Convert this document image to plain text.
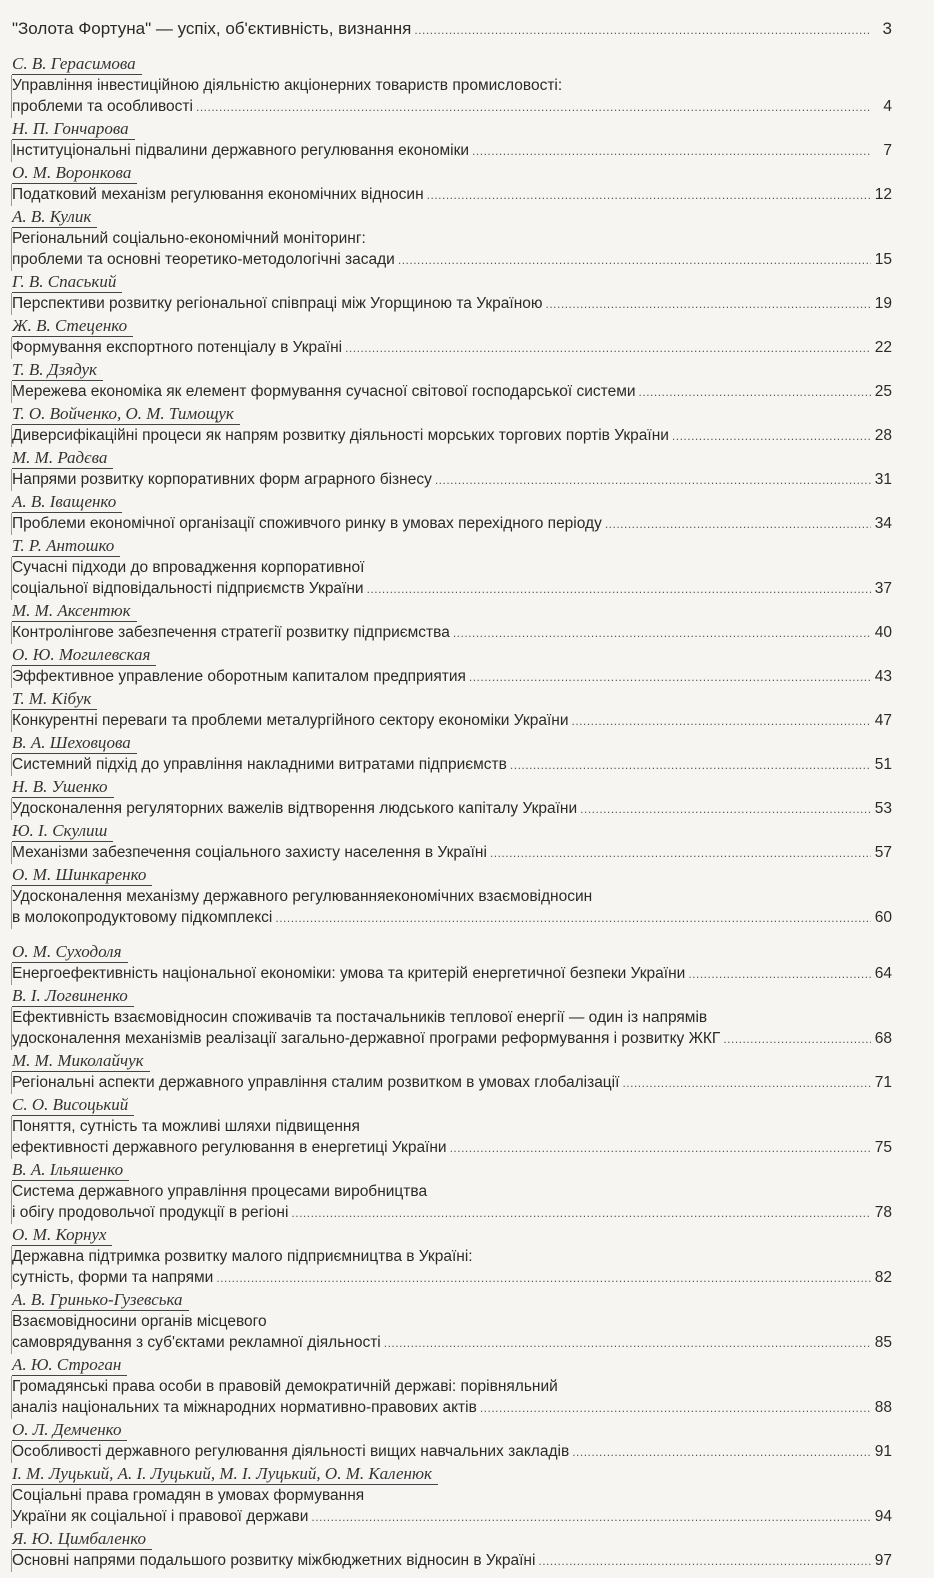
"Золота Фортуна" — успіх, об'єктивність, визнання .....	3
С. В. Герасимова
Управління інвестиційною діяльністю акціонерних товариств промисловості:
проблеми та особливості .....	4
Н. П. Гончарова
Інституціональні підвалини державного регулювання економіки .....	7
О. М. Воронкова
Податковий механізм регулювання економічних відносин .....	12
А. В. Кулик
Регіональний соціально-економічний моніторинг:
проблеми та основні теоретико-методологічні засади .....	15
Г. В. Спаський
Перспективи розвитку регіональної співпраці між Угорщиною та Україною .....	19
Ж. В. Стеценко
Формування експортного потенціалу в Україні .....	22
Т. В. Дзядук
Мережева економіка як елемент формування сучасної світової господарської системи .....	25
Т. О. Войченко, О. М. Тимощук
Диверсифікаційні процеси як напрям розвитку діяльності морських торгових портів України .....	28
М. М. Радєва
Напрями розвитку корпоративних форм аграрного бізнесу .....	31
А. В. Іващенко
Проблеми економічної організації споживчого ринку в умовах перехідного періоду .....	34
Т. Р. Антошко
Сучасні підходи до впровадження корпоративної
соціальної відповідальності підприємств України .....	37
М. М. Аксентюк
Контролінгове забезпечення стратегії розвитку підприємства .....	40
О. Ю. Могилевская
Эффективное управление оборотным капиталом предприятия .....	43
Т. М. Кібук
Конкурентні переваги та проблеми металургійного сектору економіки України .....	47
В. А. Шеховцова
Системний підхід до управління накладними витратами підприємств .....	51
Н. В. Ушенко
Удосконалення регуляторних важелів відтворення людського капіталу України .....	53
Ю. І. Скулиш
Механізми забезпечення соціального захисту населення в Україні .....	57
О. М. Шинкаренко
Удосконалення механізму державного регулюванняекономічних взаємовідносин
в молокопродуктовому підкомплексі .....	60
О. М. Суходоля
Енергоефективність національної економіки: умова та критерій енергетичної безпеки України .....	64
В. І. Логвиненко
Ефективність взаємовідносин споживачів та постачальників теплової енергії — один із напрямів
удосконалення механізмів реалізації загально-державної програми реформування і розвитку ЖКГ .....	68
М. М. Миколайчук
Регіональні аспекти державного управління сталим розвитком в умовах глобалізації .....	71
С. О. Висоцький
Поняття, сутність та можливі шляхи підвищення
ефективності державного регулювання в енергетиці України .....	75
В. А. Ільяшенко
Система державного управління процесами виробництва
і обігу продовольчої продукції в регіоні .....	78
О. М. Корнух
Державна підтримка розвитку малого підприємництва в Україні:
сутність, форми та напрями .....	82
А. В. Гринько-Гузевська
Взаємовідносини органів місцевого
самоврядування з суб'єктами рекламної діяльності .....	85
А. Ю. Строган
Громадянські права особи в правовій демократичній державі: порівняльний
аналіз національних та міжнародних нормативно-правових актів .....	88
О. Л. Демченко
Особливості державного регулювання діяльності вищих навчальних закладів .....	91
І. М. Луцький, А. І. Луцький, М. І. Луцький, О. М. Каленюк
Соціальні права громадян в умовах формування
України як соціальної і правової держави .....	94
Я. Ю. Цимбаленко
Основні напрями подальшого розвитку міжбюджетних відносин в Україні .....	97
